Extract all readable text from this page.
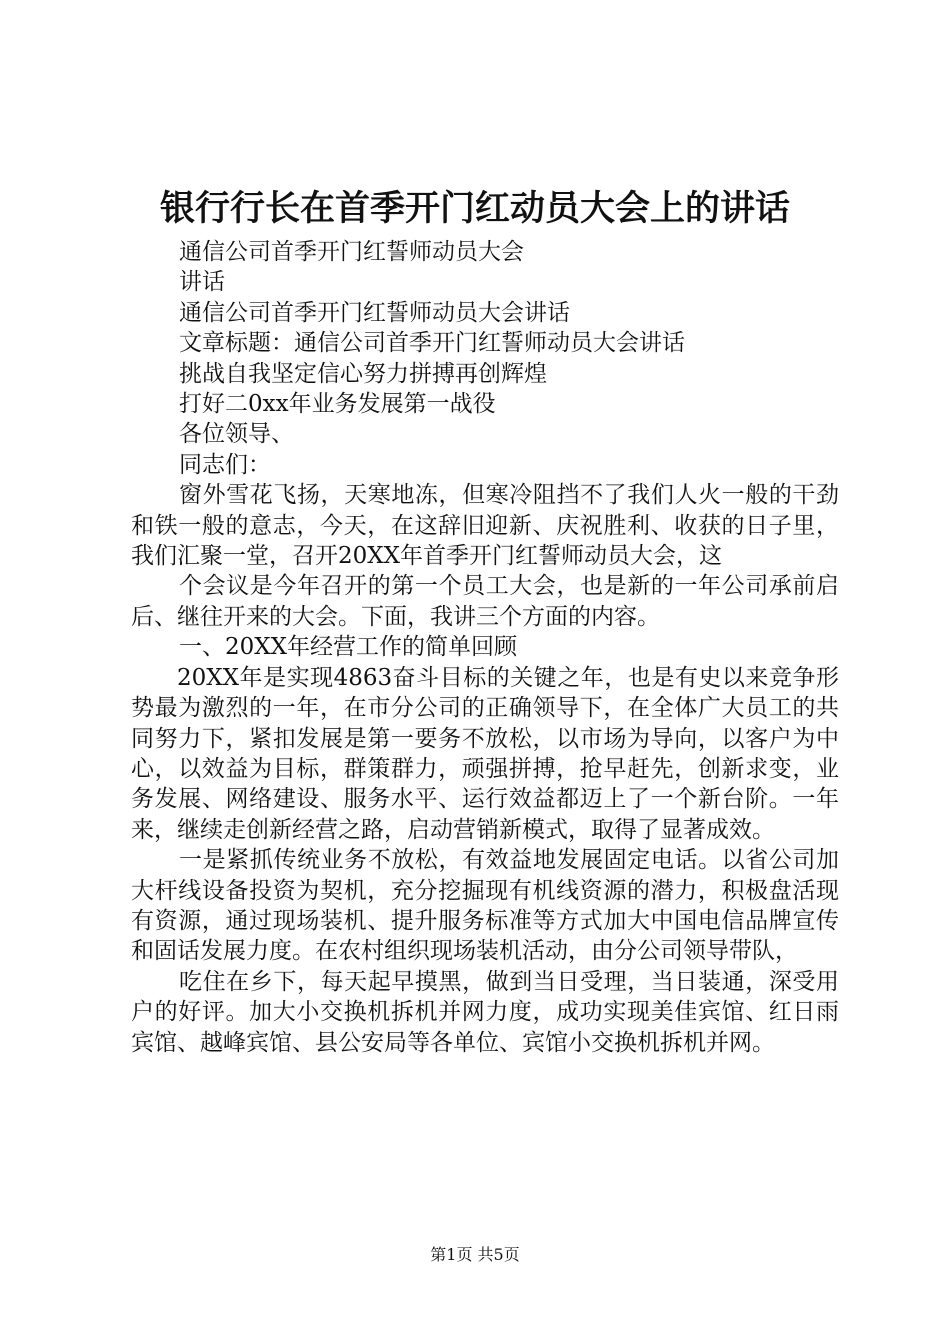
银行行长在首季开门红动员大会上的讲话

通信公司首季开门红誓师动员大会

讲话

通信公司首季开门红誓师动员大会讲话

文章标题：通信公司首季开门红誓师动员大会讲话

挑战自我坚定信心努力拼搏再创辉煌

打好二0xx年业务发展第一战役

各位领导、

同志们：

窗外雪花飞扬，天寒地冻，但寒冷阻挡不了我们人火一般的干劲和铁一般的意志，今天，在这辞旧迎新、庆祝胜利、收获的日子里，我们汇聚一堂，召开20XX年首季开门红誓师动员大会，这

个会议是今年召开的第一个员工大会，也是新的一年公司承前启后、继往开来的大会。下面，我讲三个方面的内容。

一、20XX年经营工作的简单回顾

20XX年是实现4863奋斗目标的关键之年，也是有史以来竞争形势最为激烈的一年，在市分公司的正确领导下，在全体广大员工的共同努力下，紧扣发展是第一要务不放松，以市场为导向，以客户为中心，以效益为目标，群策群力，顽强拼搏，抢早赶先，创新求变，业务发展、网络建设、服务水平、运行效益都迈上了一个新台阶。一年来，继续走创新经营之路，启动营销新模式，取得了显著成效。

一是紧抓传统业务不放松，有效益地发展固定电话。以省公司加大杆线设备投资为契机，充分挖掘现有机线资源的潜力，积极盘活现有资源，通过现场装机、提升服务标准等方式加大中国电信品牌宣传和固话发展力度。在农村组织现场装机活动，由分公司领导带队，

吃住在乡下，每天起早摸黑，做到当日受理，当日装通，深受用户的好评。加大小交换机拆机并网力度，成功实现美佳宾馆、红日雨宾馆、越峰宾馆、县公安局等各单位、宾馆小交换机拆机并网。

第1页 共5页
